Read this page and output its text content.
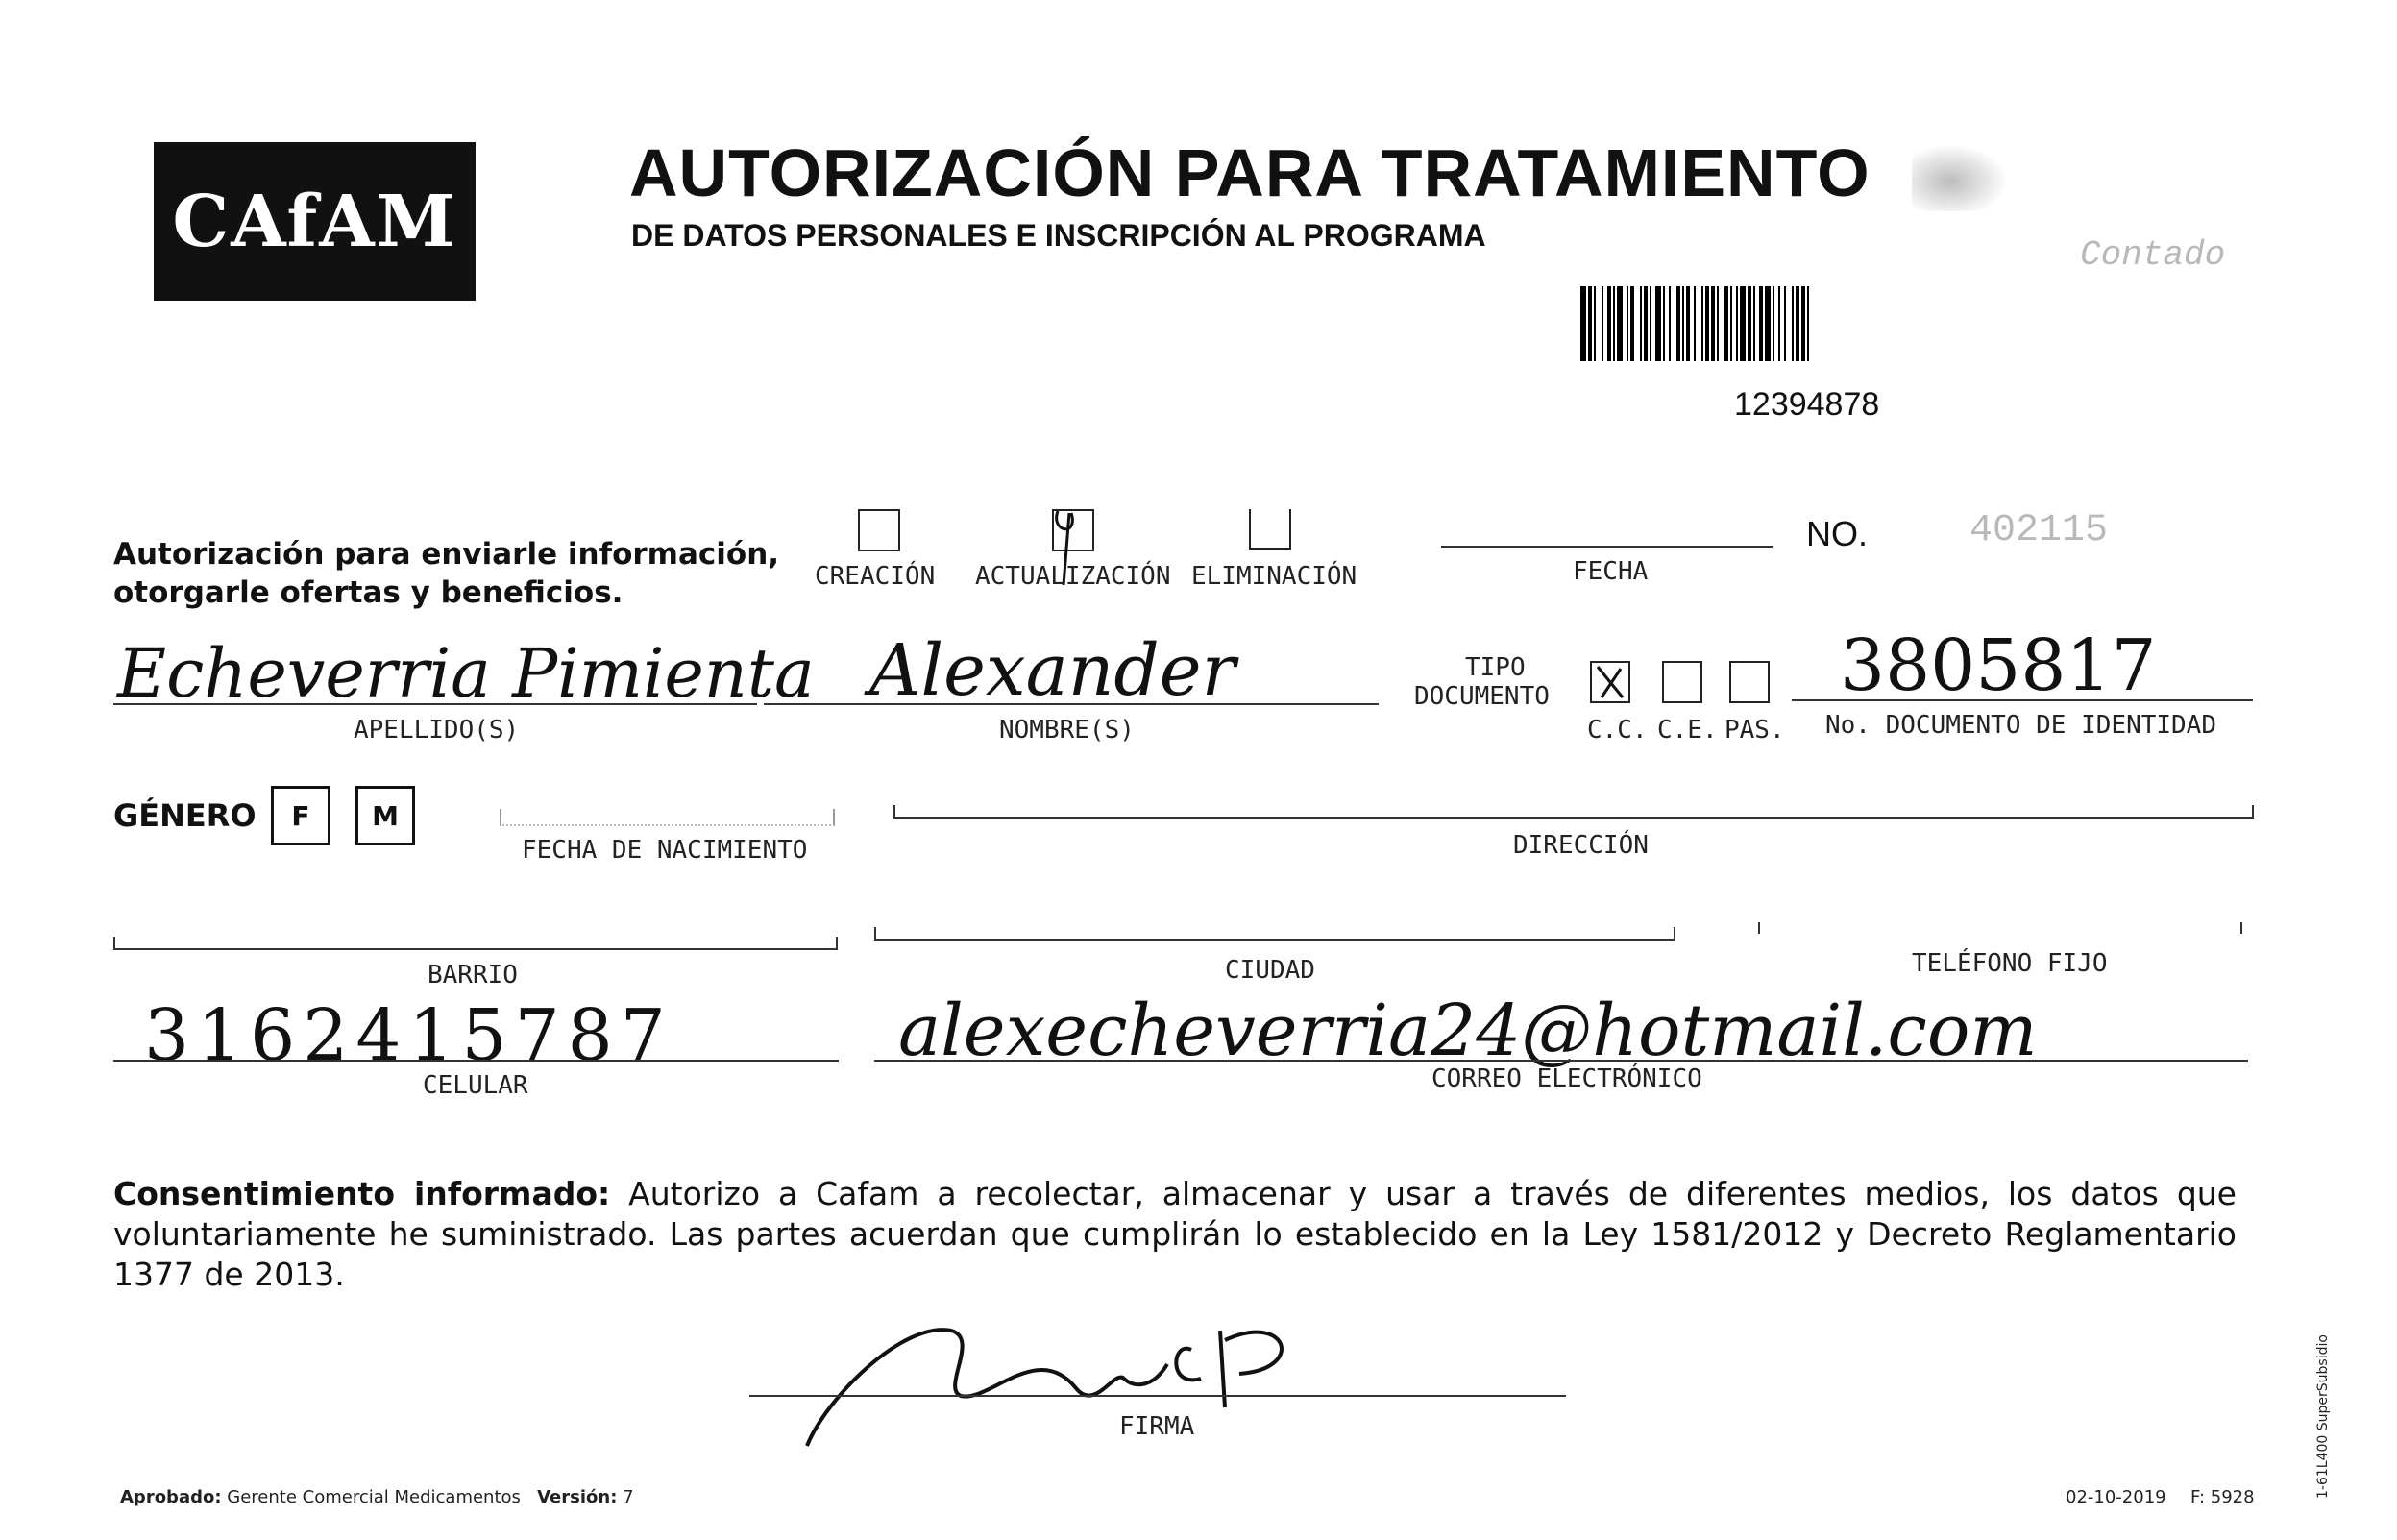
CAfAM
AUTORIZACIÓN PARA TRATAMIENTO
DE DATOS PERSONALES E INSCRIPCIÓN AL PROGRAMA	Contado
12394878
Autorización para enviarle información,
otorgarle ofertas y beneficios.	CREACIÓN ACTUALIZACIÓN ELIMINACIÓN	FECHA
NO.	402115
Echeverria Pimienta
APELLIDO(S)
Alexander
NOMBRE(S)
TIPO
DOCUMENTO
C.C. C.E. PAS.
3805817
No. DOCUMENTO DE IDENTIDAD
GÉNERO F M
FECHA DE NACIMIENTO	DIRECCIÓN
BARRIO	CIUDAD	TELÉFONO FIJO
3162415787
CELULAR
alexecheverria24@hotmail.com
CORREO ELECTRÓNICO
Consentimiento informado: Autorizo a Cafam a recolectar, almacenar y usar a través de diferentes medios, los datos que voluntariamente he suministrado. Las partes acuerdan que cumplirán lo establecido en la Ley 1581/2012 y Decreto Reglamentario 1377 de 2013.
FIRMA
Aprobado: Gerente Comercial Medicamentos Versión: 7	02-10-2019 F: 5928	1-61L400 SuperSubsidio
